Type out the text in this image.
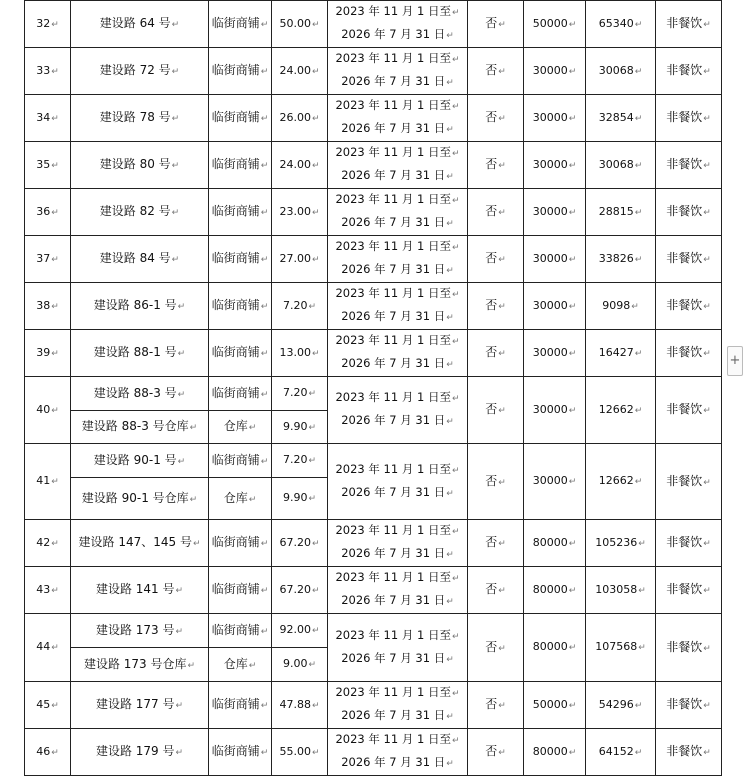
32↵	建设路 64 号↵	临街商铺↵	50.00↵	2023 年 11 月 1 日至↵
2026 年 7 月 31 日↵	否↵	50000↵	65340↵	非餐饮↵
33↵	建设路 72 号↵	临街商铺↵	24.00↵	2023 年 11 月 1 日至↵
2026 年 7 月 31 日↵	否↵	30000↵	30068↵	非餐饮↵
34↵	建设路 78 号↵	临街商铺↵	26.00↵	2023 年 11 月 1 日至↵
2026 年 7 月 31 日↵	否↵	30000↵	32854↵	非餐饮↵
35↵	建设路 80 号↵	临街商铺↵	24.00↵	2023 年 11 月 1 日至↵
2026 年 7 月 31 日↵	否↵	30000↵	30068↵	非餐饮↵
36↵	建设路 82 号↵	临街商铺↵	23.00↵	2023 年 11 月 1 日至↵
2026 年 7 月 31 日↵	否↵	30000↵	28815↵	非餐饮↵
37↵	建设路 84 号↵	临街商铺↵	27.00↵	2023 年 11 月 1 日至↵
2026 年 7 月 31 日↵	否↵	30000↵	33826↵	非餐饮↵
38↵	建设路 86-1 号↵	临街商铺↵	7.20↵	2023 年 11 月 1 日至↵
2026 年 7 月 31 日↵	否↵	30000↵	9098↵	非餐饮↵
39↵	建设路 88-1 号↵	临街商铺↵	13.00↵	2023 年 11 月 1 日至↵
2026 年 7 月 31 日↵	否↵	30000↵	16427↵	非餐饮↵
40↵	建设路 88-3 号↵	临街商铺↵	7.20↵	2023 年 11 月 1 日至↵
2026 年 7 月 31 日↵	否↵	30000↵	12662↵	非餐饮↵
	建设路 88-3 号仓库↵	仓库↵	9.90↵					
41↵	建设路 90-1 号↵	临街商铺↵	7.20↵	2023 年 11 月 1 日至↵
2026 年 7 月 31 日↵	否↵	30000↵	12662↵	非餐饮↵
	建设路 90-1 号仓库↵	仓库↵	9.90↵					
42↵	建设路 147、145 号↵	临街商铺↵	67.20↵	2023 年 11 月 1 日至↵
2026 年 7 月 31 日↵	否↵	80000↵	105236↵	非餐饮↵
43↵	建设路 141 号↵	临街商铺↵	67.20↵	2023 年 11 月 1 日至↵
2026 年 7 月 31 日↵	否↵	80000↵	103058↵	非餐饮↵
44↵	建设路 173 号↵	临街商铺↵	92.00↵	2023 年 11 月 1 日至↵
2026 年 7 月 31 日↵	否↵	80000↵	107568↵	非餐饮↵
	建设路 173 号仓库↵	仓库↵	9.00↵					
45↵	建设路 177 号↵	临街商铺↵	47.88↵	2023 年 11 月 1 日至↵
2026 年 7 月 31 日↵	否↵	50000↵	54296↵	非餐饮↵
46↵	建设路 179 号↵	临街商铺↵	55.00↵	2023 年 11 月 1 日至↵
2026 年 7 月 31 日↵	否↵	80000↵	64152↵	非餐饮↵
+
